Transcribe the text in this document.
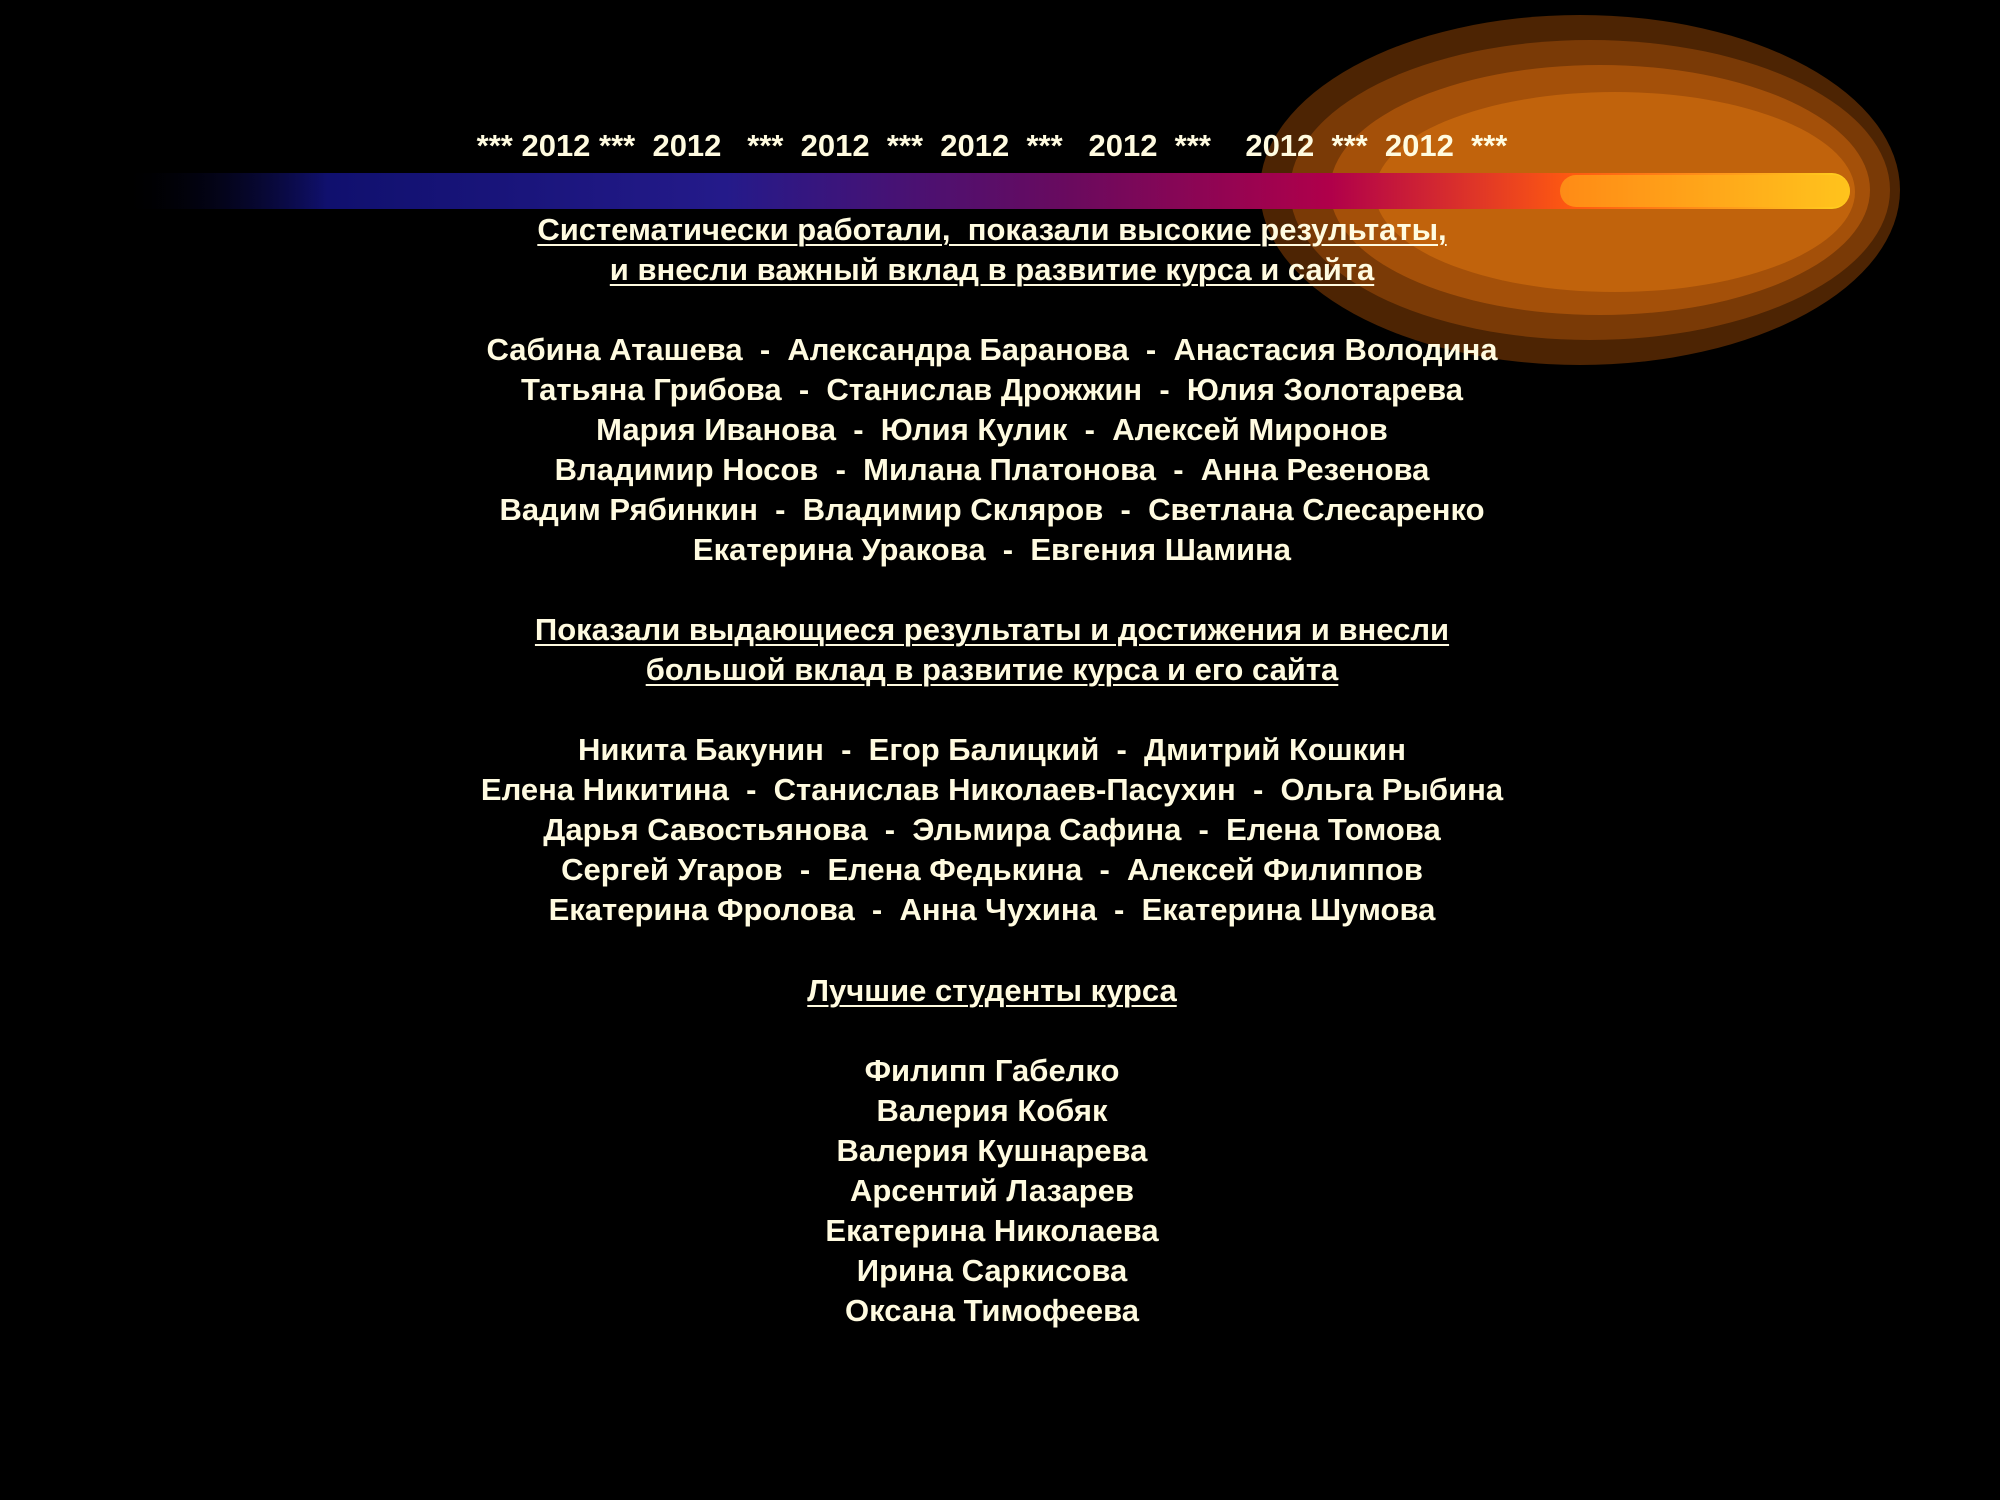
*** 2012 ***  2012   ***  2012  ***  2012  ***   2012  ***    2012  ***  2012  ***
Систематически работали,  показали высокие результаты,
и внесли важный вклад в развитие курса и сайта
Сабина Аташева  -  Александра Баранова  -  Анастасия Володина
Татьяна Грибова  -  Станислав Дрожжин  -  Юлия Золотарева
Мария Иванова  -  Юлия Кулик  -  Алексей Миронов
Владимир Носов  -  Милана Платонова  -  Анна Резенова
Вадим Рябинкин  -  Владимир Скляров  -  Светлана Слесаренко
Екатерина Уракова  -  Евгения Шамина
Показали выдающиеся результаты и достижения и внесли
большой вклад в развитие курса и его сайта
Никита Бакунин  -  Егор Балицкий  -  Дмитрий Кошкин
Елена Никитина  -  Станислав Николаев-Пасухин  -  Ольга Рыбина
Дарья Савостьянова  -  Эльмира Сафина  -  Елена Томова
Сергей Угаров  -  Елена Федькина  -  Алексей Филиппов
Екатерина Фролова  -  Анна Чухина  -  Екатерина Шумова
Лучшие студенты курса
Филипп Габелко
Валерия Кобяк
Валерия Кушнарева
Арсентий Лазарев
Екатерина Николаева
Ирина Саркисова
Оксана Тимофеева
